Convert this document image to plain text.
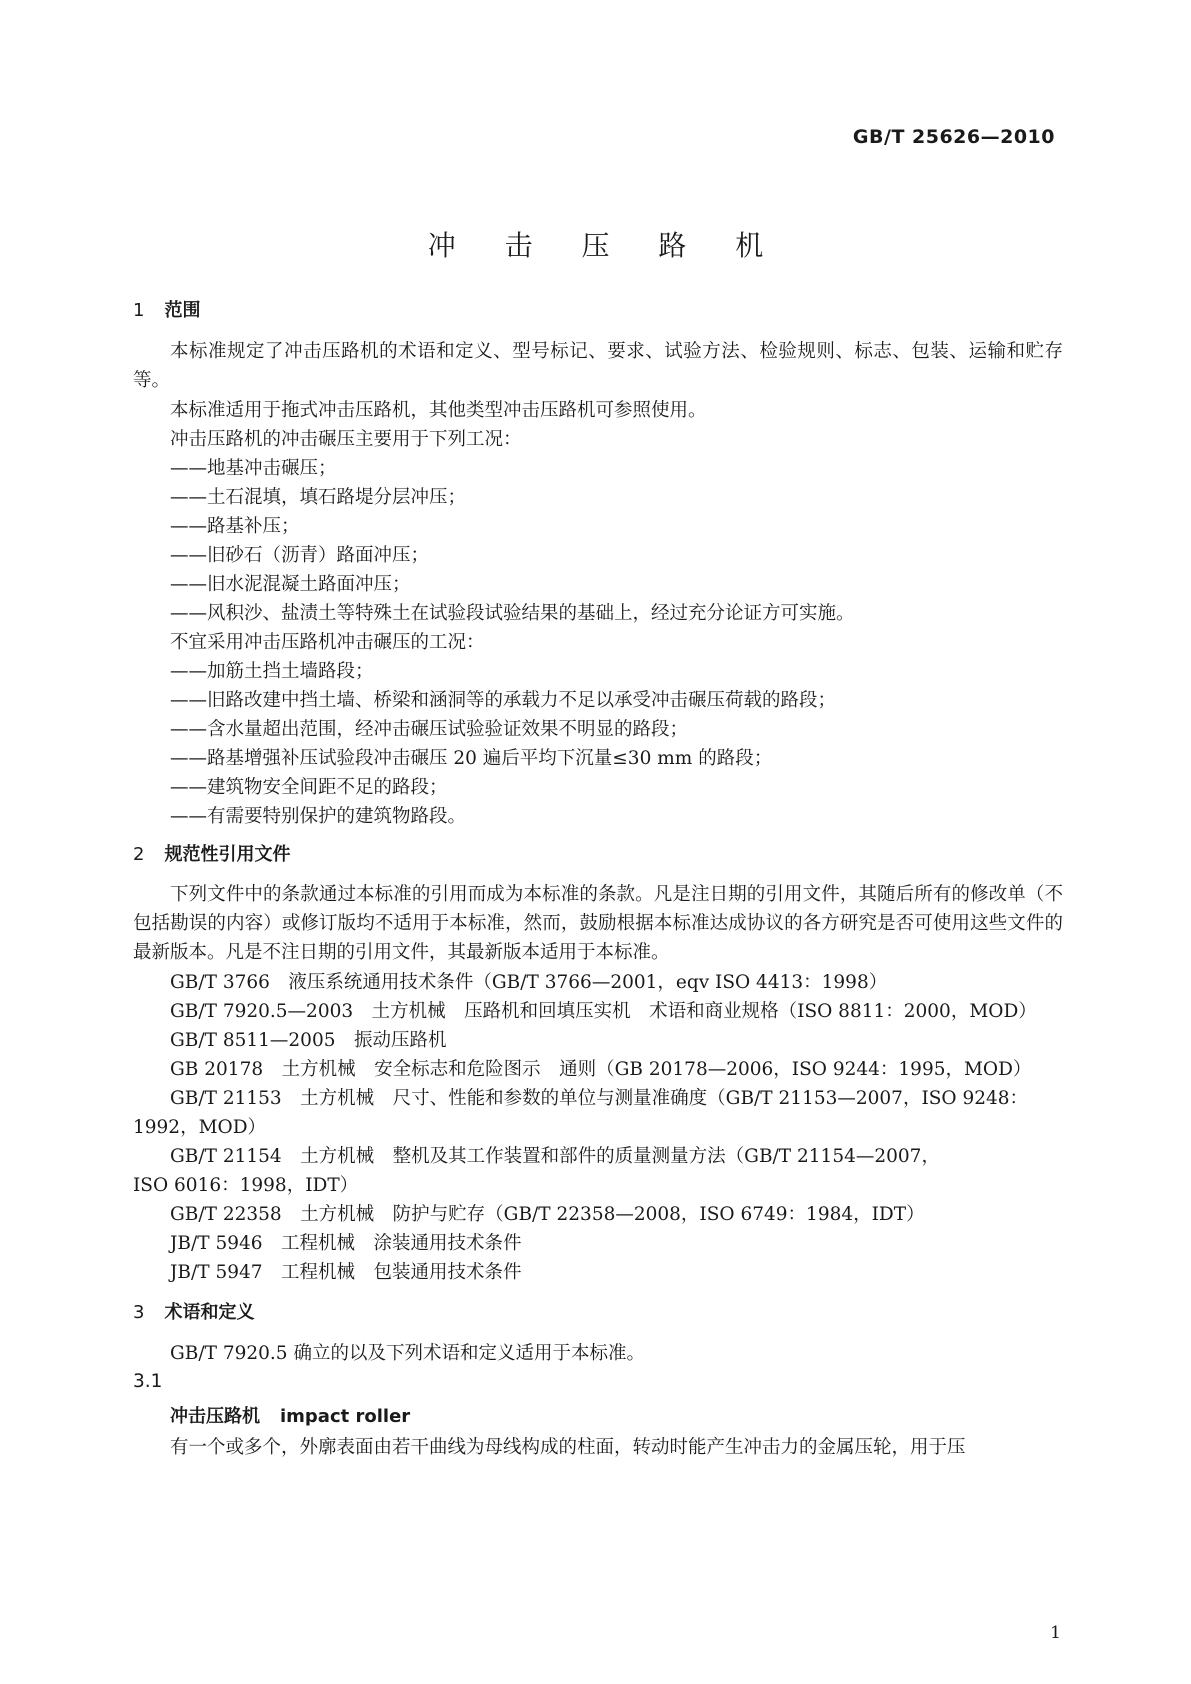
GB/T 25626—2010
冲 击 压 路 机
1 范围
本标准规定了冲击压路机的术语和定义、型号标记、要求、试验方法、检验规则、标志、包装、运输和贮存等。
本标准适用于拖式冲击压路机，其他类型冲击压路机可参照使用。
冲击压路机的冲击碾压主要用于下列工况：
——地基冲击碾压；
——土石混填，填石路堤分层冲压；
——路基补压；
——旧砂石（沥青）路面冲压；
——旧水泥混凝土路面冲压；
——风积沙、盐渍土等特殊土在试验段试验结果的基础上，经过充分论证方可实施。
不宜采用冲击压路机冲击碾压的工况：
——加筋土挡土墙路段；
——旧路改建中挡土墙、桥梁和涵洞等的承载力不足以承受冲击碾压荷载的路段；
——含水量超出范围，经冲击碾压试验验证效果不明显的路段；
——路基增强补压试验段冲击碾压 20 遍后平均下沉量≤30 mm 的路段；
——建筑物安全间距不足的路段；
——有需要特别保护的建筑物路段。
2 规范性引用文件
下列文件中的条款通过本标准的引用而成为本标准的条款。凡是注日期的引用文件，其随后所有的修改单（不包括勘误的内容）或修订版均不适用于本标准，然而，鼓励根据本标准达成协议的各方研究是否可使用这些文件的最新版本。凡是不注日期的引用文件，其最新版本适用于本标准。
GB/T 3766　液压系统通用技术条件（GB/T 3766—2001，eqv ISO 4413：1998）
GB/T 7920.5—2003　土方机械　压路机和回填压实机　术语和商业规格（ISO 8811：2000，MOD）
GB/T 8511—2005　振动压路机
GB 20178　土方机械　安全标志和危险图示　通则（GB 20178—2006，ISO 9244：1995，MOD）
GB/T 21153　土方机械　尺寸、性能和参数的单位与测量准确度（GB/T 21153—2007，ISO 9248：
1992，MOD）
GB/T 21154　土方机械　整机及其工作装置和部件的质量测量方法（GB/T 21154—2007，
ISO 6016：1998，IDT）
GB/T 22358　土方机械　防护与贮存（GB/T 22358—2008，ISO 6749：1984，IDT）
JB/T 5946　工程机械　涂装通用技术条件
JB/T 5947　工程机械　包装通用技术条件
3 术语和定义
GB/T 7920.5 确立的以及下列术语和定义适用于本标准。
3.1
冲击压路机 impact roller
有一个或多个，外廓表面由若干曲线为母线构成的柱面，转动时能产生冲击力的金属压轮，用于压
1
